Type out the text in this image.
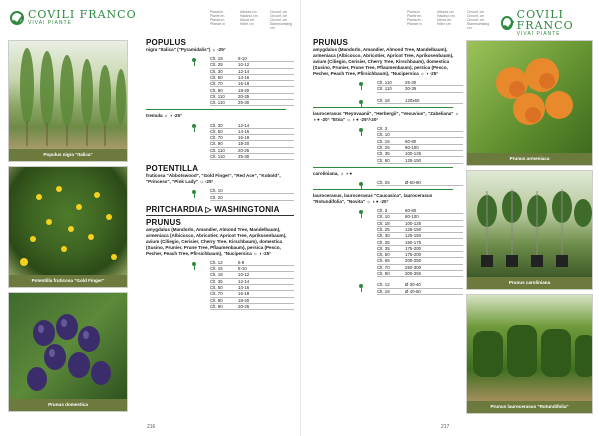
COVILI FRANCO
VIVAI PIANTE
Pianta in Plante en Planta en Pflanze in
Altezza cm Hauteur cm Altura cm Höhe cm
Circonf. cm Circonf. cm Circunf. cm Stammumfang cm
Populus nigra "Italica"
Potentilla fruticosa "Gold Finger"
Prunus domestica
POPULUS
nigra "Italica" ("Pyramidalis") ☼ -25°
Clt. 18	8-10
Clt. 25	10-12
Clt. 30	12-14
Clt. 50	14-16
Clt. 70	16-18
Clt. 90	18-20
Clt. 110	20-25
Clt. 110	25-30
tremula ☼ ◑ -25°
Clt. 30	12-14
Clt. 50	14-16
Clt. 70	16-18
Clt. 90	18-20
Clt. 110	20-25
Clt. 110	25-30
POTENTILLA
fruticosa "Abbotswood", "Gold Finger", "Red Ace", "Kobold", "Princess", "Pink Lady" ☼ -25°
Clt. 10
Clt. 20
PRITCHARDIA ▷ WASHINGTONIA
PRUNUS
amygdalus (Mandorlo, Amandier, Almond Tree, Mandelbaum), armeniaca (Albicocco, Abricotier, Apricot Tree, Aprikosenbaum), avium (Ciliegio, Cerisier, Cherry Tree, Kirschbaum), domestica (Susino, Prunier, Prune Tree, Pflaumenbaum), persica (Pesco, Pecher, Peach Tree, Pfirsichbaum), "Nucipersica ☼ ◑ -25°
Clt. 12	6-8
Clt. 15	8-10
Clt. 18	10-12
Clt. 35	12-14
Clt. 50	14-16
Clt. 70	16-18
Clt. 90	18-20
Clt. 90	20-25
216
Pianta in Plante en Planta en Pflanze in
Altezza cm Hauteur cm Altura cm Höhe cm
Circonf. cm Circonf. cm Circunf. cm Stammumfang cm
COVILI FRANCO
VIVAI PIANTE
PRUNUS
amygdalus (Mandorlo, Amandier, Almond Tree, Mandelbaum), armeniaca (Albicocco, Abricotier, Apricot Tree, Aprikosenbaum), avium (Ciliegio, Cerisier, Cherry Tree, Kirschbaum), domestica (Susino, Prunier, Prune Tree, Pflaumenbaum), persica (Pesco, Pecher, Peach Tree, Pfirsichbaum), "Nucipersica ☼ ◑ -25°
Clt. 110	25-30
Clt. 110	30-35
Clt. 18	120x60
laurocerasus "Reynvaanii", "Herbergii", "Vesuvius", "Zabeliana" ☼ ◑ ● -20° "Etna" ☼ ◑ ● -25°/-20°
Clt. 3
Clt. 10
Clt. 15	60-80
Clt. 25	80-100
Clt. 35	100-125
Clt. 50	125-150
caroliniana, ☼ ◑ ●
Clt. 25	Ø 60-80
laurocerasus, laurocerasus "Caucasica", laurocerasus "Rotundifolia", "Novita" ☼ ◑ ● -20°
Clt. 3	60-80
Clt. 10	80-100
Clt. 18	100-125
Clt. 25	125-150
Clt. 30	125-150
Clt. 35	150-175
Clt. 35	175-200
Clt. 50	175-200
Clt. 65	200-250
Clt. 70	250-300
Clt. 90	300-350
Clt. 12	Ø 30-40
Clt. 18	Ø 40-50
Prunus armeniaca
Prunus caroliniana
Prunus laurocerasus "Rotundifolia"
217
